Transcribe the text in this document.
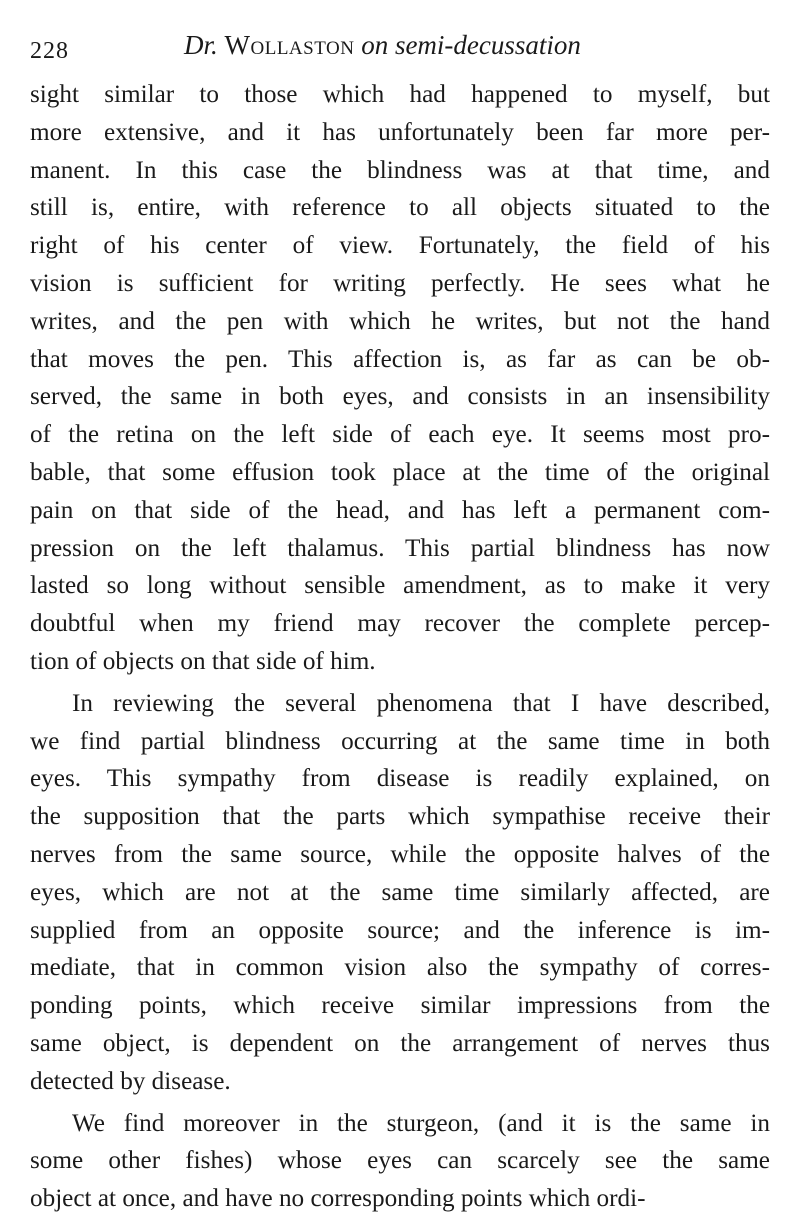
228	Dr. Wollaston on semi-decussation
sight similar to those which had happened to myself, but
more extensive, and it has unfortunately been far more per-
manent. In this case the blindness was at that time, and
still is, entire, with reference to all objects situated to the
right of his center of view. Fortunately, the field of his
vision is sufficient for writing perfectly. He sees what he
writes, and the pen with which he writes, but not the hand
that moves the pen. This affection is, as far as can be ob-
served, the same in both eyes, and consists in an insensibility
of the retina on the left side of each eye. It seems most pro-
bable, that some effusion took place at the time of the original
pain on that side of the head, and has left a permanent com-
pression on the left thalamus. This partial blindness has now
lasted so long without sensible amendment, as to make it very
doubtful when my friend may recover the complete percep-
tion of objects on that side of him.
In reviewing the several phenomena that I have described,
we find partial blindness occurring at the same time in both
eyes. This sympathy from disease is readily explained, on
the supposition that the parts which sympathise receive their
nerves from the same source, while the opposite halves of the
eyes, which are not at the same time similarly affected, are
supplied from an opposite source; and the inference is im-
mediate, that in common vision also the sympathy of corres-
ponding points, which receive similar impressions from the
same object, is dependent on the arrangement of nerves thus
detected by disease.
We find moreover in the sturgeon, (and it is the same in
some other fishes) whose eyes can scarcely see the same
object at once, and have no corresponding points which ordi-
